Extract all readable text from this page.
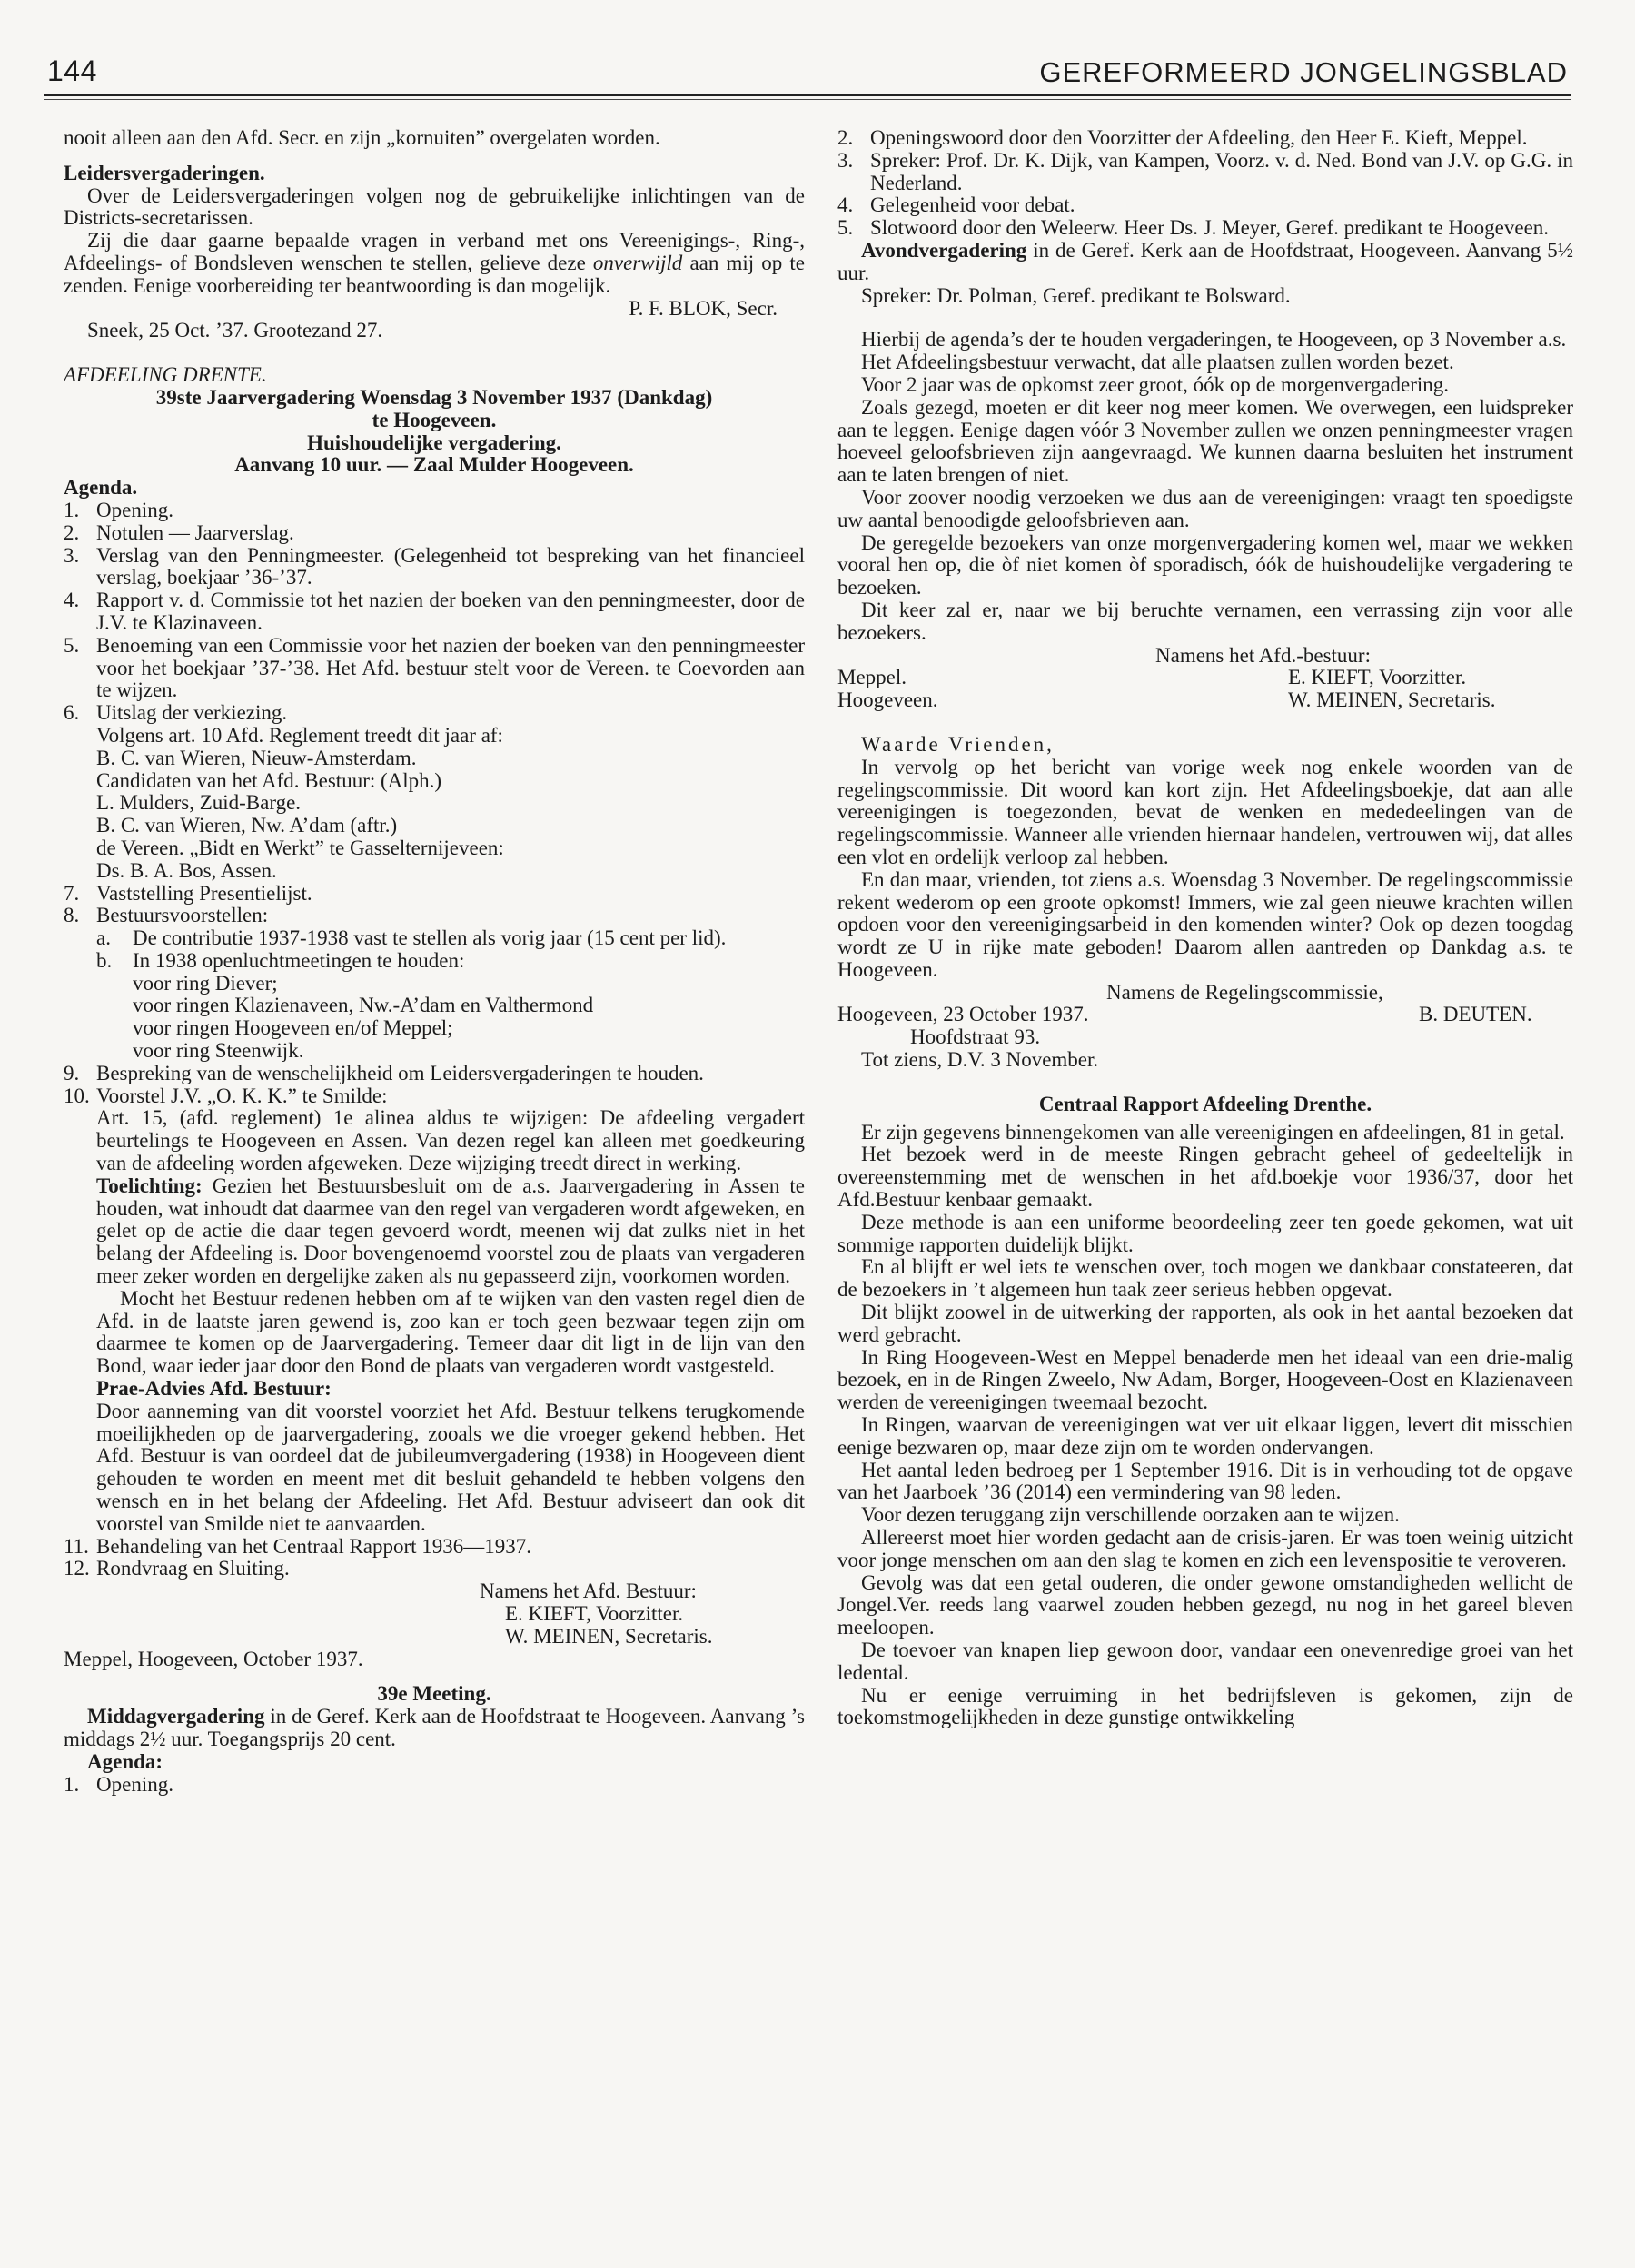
144	GEREFORMEERD JONGELINGSBLAD

nooit alleen aan den Afd. Secr. en zijn „kornuiten” overgelaten worden.

Leidersvergaderingen.

Over de Leidersvergaderingen volgen nog de gebruikelijke inlichtingen van de Districts-secretarissen.

Zij die daar gaarne bepaalde vragen in verband met ons Vereenigings-, Ring-, Afdeelings- of Bondsleven wenschen te stellen, gelieve deze onverwijld aan mij op te zenden. Eenige voorbereiding ter beantwoording is dan mogelijk.

P. F. BLOK, Secr.

Sneek, 25 Oct. ’37. Grootezand 27.

AFDEELING DRENTE.

39ste Jaarvergadering Woensdag 3 November 1937 (Dankdag)

te Hoogeveen.

Huishoudelijke vergadering.

Aanvang 10 uur. — Zaal Mulder Hoogeveen.

Agenda.

1. Opening.
2. Notulen — Jaarverslag.
3. Verslag van den Penningmeester. (Gelegenheid tot bespreking van het financieel verslag, boekjaar ’36-’37.
4. Rapport v. d. Commissie tot het nazien der boeken van den penningmeester, door de J.V. te Klazinaveen.
5. Benoeming van een Commissie voor het nazien der boeken van den penningmeester voor het boekjaar ’37-’38. Het Afd. bestuur stelt voor de Vereen. te Coevorden aan te wijzen.
6. Uitslag der verkiezing.

Volgens art. 10 Afd. Reglement treedt dit jaar af:

B. C. van Wieren, Nieuw-Amsterdam.

Candidaten van het Afd. Bestuur: (Alph.)

L. Mulders, Zuid-Barge.

B. C. van Wieren, Nw. A’dam (aftr.)

de Vereen. „Bidt en Werkt” te Gasselternijeveen:

Ds. B. A. Bos, Assen.

7. Vaststelling Presentielijst.
8. Bestuursvoorstellen:
a.	De contributie 1937-1938 vast te stellen als vorig jaar (15 cent per lid).
b. In 1938 openluchtmeetingen te houden:

voor ring Diever;

voor ringen Klazienaveen, Nw.-A’dam en Valthermond

voor ringen Hoogeveen en/of Meppel;

voor ring Steenwijk.

9. Bespreking van de wenschelijkheid om Leidersvergaderingen te houden.
10. Voorstel J.V. „O. K. K.” te Smilde:

Art. 15, (afd. reglement) 1e alinea aldus te wijzigen: De afdeeling vergadert beurtelings te Hoogeveen en Assen. Van dezen regel kan alleen met goedkeuring van de afdeeling worden afgeweken. Deze wijziging treedt direct in werking.

Toelichting: Gezien het Bestuursbesluit om de a.s. Jaarvergadering in Assen te houden, wat inhoudt dat daarmee van den regel van vergaderen wordt afgeweken, en gelet op de actie die daar tegen gevoerd wordt, meenen wij dat zulks niet in het belang der Afdeeling is. Door bovengenoemd voorstel zou de plaats van vergaderen meer zeker worden en dergelijke zaken als nu gepasseerd zijn, voorkomen worden.

Mocht het Bestuur redenen hebben om af te wijken van den vasten regel dien de Afd. in de laatste jaren gewend is, zoo kan er toch geen bezwaar tegen zijn om daarmee te komen op de Jaarvergadering. Temeer daar dit ligt in de lijn van den Bond, waar ieder jaar door den Bond de plaats van vergaderen wordt vastgesteld.

Prae-Advies Afd. Bestuur:

Door aanneming van dit voorstel voorziet het Afd. Bestuur telkens terugkomende moeilijkheden op de jaarvergadering, zooals we die vroeger gekend hebben. Het Afd. Bestuur is van oordeel dat de jubileumvergadering (1938) in Hoogeveen dient gehouden te worden en meent met dit besluit gehandeld te hebben volgens den wensch en in het belang der Afdeeling. Het Afd. Bestuur adviseert dan ook dit voorstel van Smilde niet te aanvaarden.

11. Behandeling van het Centraal Rapport 1936—1937.
12. Rondvraag en Sluiting.

Namens het Afd. Bestuur:

E. KIEFT, Voorzitter.

W. MEINEN, Secretaris.

Meppel, Hoogeveen, October 1937.

39e Meeting.

Middagvergadering in de Geref. Kerk aan de Hoofdstraat te Hoogeveen. Aanvang ’s middags 2½ uur. Toegangsprijs 20 cent.

Agenda:

1. Opening.
2. Openingswoord door den Voorzitter der Afdeeling, den Heer E. Kieft, Meppel.
3. Spreker: Prof. Dr. K. Dijk, van Kampen, Voorz. v. d. Ned. Bond van J.V. op G.G. in Nederland.
4. Gelegenheid voor debat.
5. Slotwoord door den Weleerw. Heer Ds. J. Meyer, Geref. predikant te Hoogeveen.

Avondvergadering in de Geref. Kerk aan de Hoofdstraat, Hoogeveen. Aanvang 5½ uur.

Spreker: Dr. Polman, Geref. predikant te Bolsward.

Hierbij de agenda’s der te houden vergaderingen, te Hoogeveen, op 3 November a.s.

Het Afdeelingsbestuur verwacht, dat alle plaatsen zullen worden bezet.

Voor 2 jaar was de opkomst zeer groot, óók op de morgenvergadering.

Zoals gezegd, moeten er dit keer nog meer komen. We overwegen, een luidspreker aan te leggen. Eenige dagen vóór 3 November zullen we onzen penningmeester vragen hoeveel geloofsbrieven zijn aangevraagd. We kunnen daarna besluiten het instrument aan te laten brengen of niet.

Voor zoover noodig verzoeken we dus aan de vereenigingen: vraagt ten spoedigste uw aantal benoodigde geloofsbrieven aan.

De geregelde bezoekers van onze morgenvergadering komen wel, maar we wekken vooral hen op, die òf niet komen òf sporadisch, óók de huishoudelijke vergadering te bezoeken.

Dit keer zal er, naar we bij beruchte vernamen, een verrassing zijn voor alle bezoekers.

Namens het Afd.-bestuur:

Meppel.	E. KIEFT, Voorzitter.
Hoogeveen.	W. MEINEN, Secretaris.

Waarde Vrienden,

In vervolg op het bericht van vorige week nog enkele woorden van de regelingscommissie. Dit woord kan kort zijn. Het Afdeelingsboekje, dat aan alle vereenigingen is toegezonden, bevat de wenken en mededeelingen van de regelingscommissie. Wanneer alle vrienden hiernaar handelen, vertrouwen wij, dat alles een vlot en ordelijk verloop zal hebben.

En dan maar, vrienden, tot ziens a.s. Woensdag 3 November. De regelingscommissie rekent wederom op een groote opkomst! Immers, wie zal geen nieuwe krachten willen opdoen voor den vereenigingsarbeid in den komenden winter? Ook op dezen toogdag wordt ze U in rijke mate geboden! Daarom allen aantreden op Dankdag a.s. te Hoogeveen.

Namens de Regelingscommissie,

Hoogeveen, 23 October 1937.	B. DEUTEN.

Hoofdstraat 93.

Tot ziens, D.V. 3 November.

Centraal Rapport Afdeeling Drenthe.

Er zijn gegevens binnengekomen van alle vereenigingen en afdeelingen, 81 in getal.

Het bezoek werd in de meeste Ringen gebracht geheel of gedeeltelijk in overeenstemming met de wenschen in het afd.boekje voor 1936/37, door het Afd.Bestuur kenbaar gemaakt.

Deze methode is aan een uniforme beoordeeling zeer ten goede gekomen, wat uit sommige rapporten duidelijk blijkt.

En al blijft er wel iets te wenschen over, toch mogen we dankbaar constateeren, dat de bezoekers in ’t algemeen hun taak zeer serieus hebben opgevat.

Dit blijkt zoowel in de uitwerking der rapporten, als ook in het aantal bezoeken dat werd gebracht.

In Ring Hoogeveen-West en Meppel benaderde men het ideaal van een drie-malig bezoek, en in de Ringen Zweelo, Nw Adam, Borger, Hoogeveen-Oost en Klazienaveen werden de vereenigingen tweemaal bezocht.

In Ringen, waarvan de vereenigingen wat ver uit elkaar liggen, levert dit misschien eenige bezwaren op, maar deze zijn om te worden ondervangen.

Het aantal leden bedroeg per 1 September 1916. Dit is in verhouding tot de opgave van het Jaarboek ’36 (2014) een vermindering van 98 leden.

Voor dezen teruggang zijn verschillende oorzaken aan te wijzen.

Allereerst moet hier worden gedacht aan de crisis-jaren. Er was toen weinig uitzicht voor jonge menschen om aan den slag te komen en zich een levenspositie te veroveren.

Gevolg was dat een getal ouderen, die onder gewone omstandigheden wellicht de Jongel.Ver. reeds lang vaarwel zouden hebben gezegd, nu nog in het gareel bleven meeloopen.

De toevoer van knapen liep gewoon door, vandaar een onevenredige groei van het ledental.

Nu er eenige verruiming in het bedrijfsleven is gekomen, zijn de toekomstmogelijkheden in deze gunstige ontwikkeling
